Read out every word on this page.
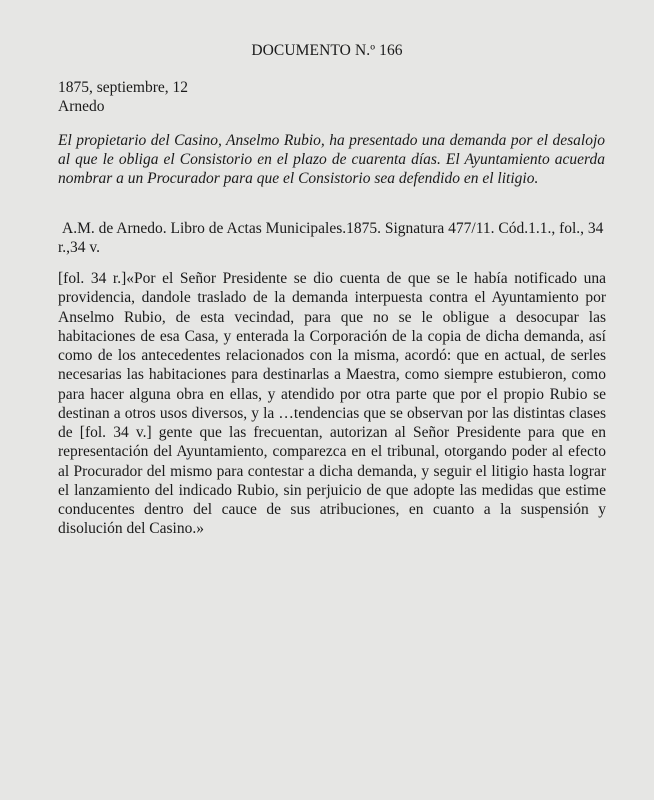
DOCUMENTO N.º 166
1875, septiembre, 12
Arnedo
El propietario del Casino, Anselmo Rubio, ha presentado una demanda por el desalojo al que le obliga el Consistorio en el plazo de cuarenta días. El Ayuntamiento acuerda nombrar a un Procurador para que el Consistorio sea defendido en el litigio.
A.M. de Arnedo. Libro de Actas Municipales.1875. Signatura 477/11. Cód.1.1., fol., 34 r.,34 v.
[fol. 34 r.]«Por el Señor Presidente se dio cuenta de que se le había notificado una providencia, dandole traslado de la demanda interpuesta contra el Ayuntamiento por Anselmo Rubio, de esta vecindad, para que no se le obligue a desocupar las habitaciones de esa Casa, y enterada la Corporación de la copia de dicha demanda, así como de los antecedentes relacionados con la misma, acordó: que en actual, de serles necesarias las habitaciones para destinarlas a Maestra, como siempre estubieron, como para hacer alguna obra en ellas, y atendido por otra parte que por el propio Rubio se destinan a otros usos diversos, y la …tendencias que se observan por las distintas clases de [fol. 34 v.] gente que las frecuentan, autorizan al Señor Presidente para que en representación del Ayuntamiento, comparezca en el tribunal, otorgando poder al efecto al Procurador del mismo para contestar a dicha demanda, y seguir el litigio hasta lograr el lanzamiento del indicado Rubio, sin perjuicio de que adopte las medidas que estime conducentes dentro del cauce de sus atribuciones, en cuanto a la suspensión y disolución del Casino.»
